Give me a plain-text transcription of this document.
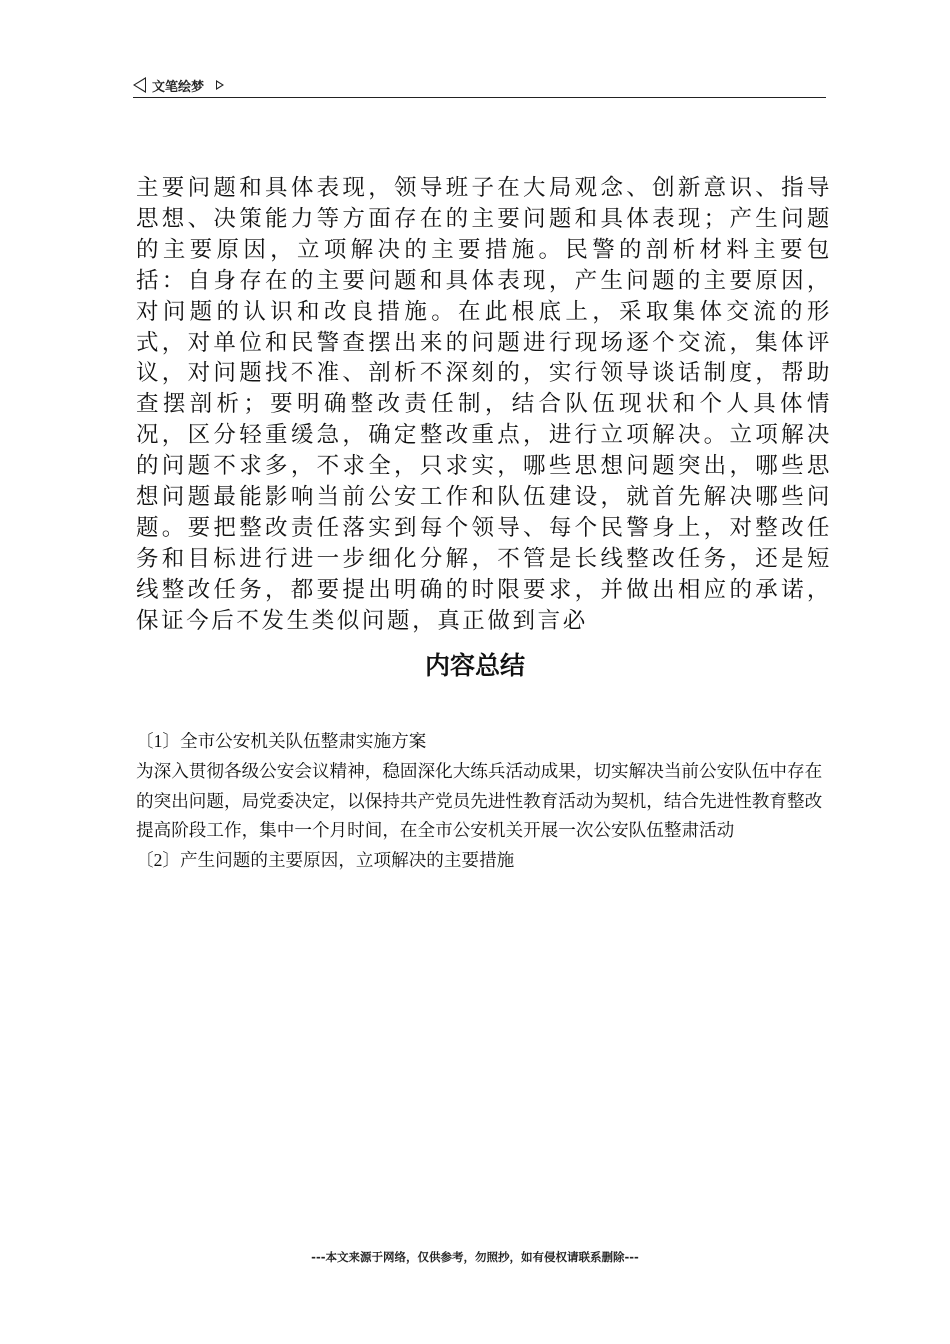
文笔绘梦

主要问题和具体表现，领导班子在大局观念、创新意识、指导思想、决策能力等方面存在的主要问题和具体表现；产生问题的主要原因，立项解决的主要措施。民警的剖析材料主要包括：自身存在的主要问题和具体表现，产生问题的主要原因，对问题的认识和改良措施。在此根底上，采取集体交流的形式，对单位和民警查摆出来的问题进行现场逐个交流，集体评议，对问题找不准、剖析不深刻的，实行领导谈话制度，帮助查摆剖析；要明确整改责任制，结合队伍现状和个人具体情况，区分轻重缓急，确定整改重点，进行立项解决。立项解决的问题不求多，不求全，只求实，哪些思想问题突出，哪些思想问题最能影响当前公安工作和队伍建设，就首先解决哪些问题。要把整改责任落实到每个领导、每个民警身上，对整改任务和目标进行进一步细化分解，不管是长线整改任务，还是短线整改任务，都要提出明确的时限要求，并做出相应的承诺，保证今后不发生类似问题，真正做到言必

内容总结

〔1〕全市公安机关队伍整肃实施方案

为深入贯彻各级公安会议精神，稳固深化大练兵活动成果，切实解决当前公安队伍中存在的突出问题，局党委决定，以保持共产党员先进性教育活动为契机，结合先进性教育整改提高阶段工作，集中一个月时间，在全市公安机关开展一次公安队伍整肃活动

〔2〕产生问题的主要原因，立项解决的主要措施

---本文来源于网络，仅供参考，勿照抄，如有侵权请联系删除---
